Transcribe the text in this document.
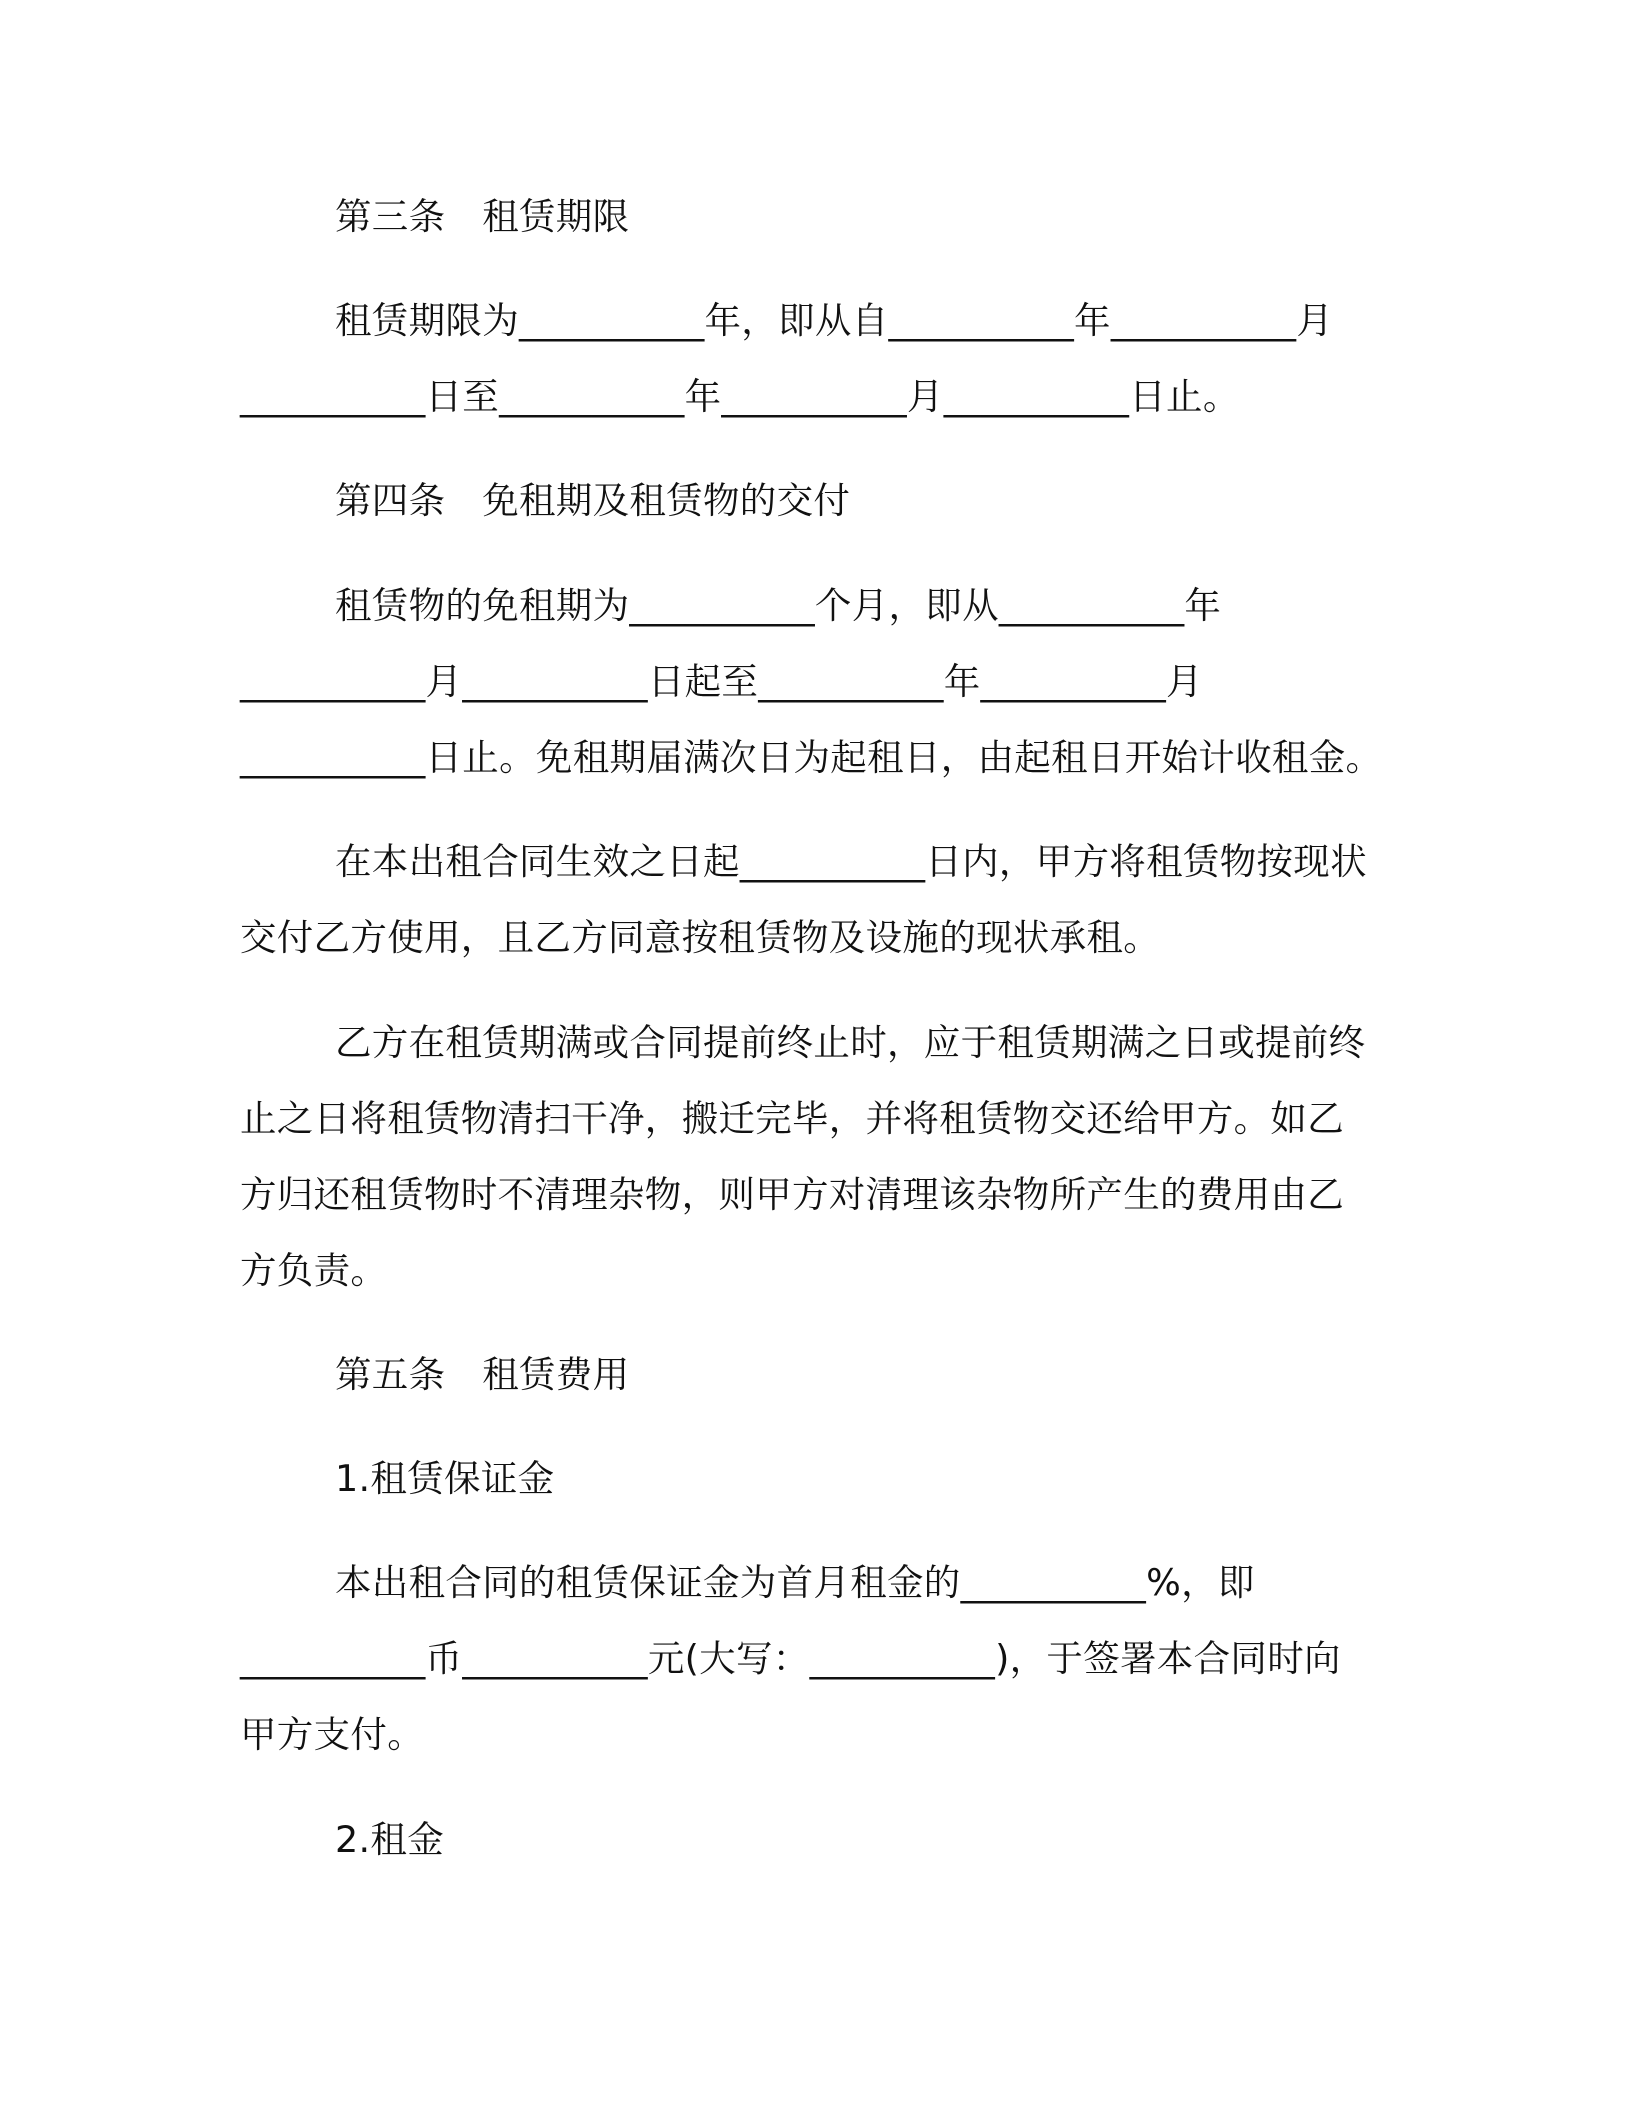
第三条　租赁期限
租赁期限为__________年，即从自__________年__________月
__________日至__________年__________月__________日止。
第四条　免租期及租赁物的交付
租赁物的免租期为__________个月，即从__________年
__________月__________日起至__________年__________月
__________日止。免租期届满次日为起租日，由起租日开始计收租金。
在本出租合同生效之日起__________日内，甲方将租赁物按现状
交付乙方使用，且乙方同意按租赁物及设施的现状承租。
乙方在租赁期满或合同提前终止时，应于租赁期满之日或提前终
止之日将租赁物清扫干净，搬迁完毕，并将租赁物交还给甲方。如乙
方归还租赁物时不清理杂物，则甲方对清理该杂物所产生的费用由乙
方负责。
第五条　租赁费用
1.租赁保证金
本出租合同的租赁保证金为首月租金的__________%，即
__________币__________元(大写：__________)，于签署本合同时向
甲方支付。
2.租金
